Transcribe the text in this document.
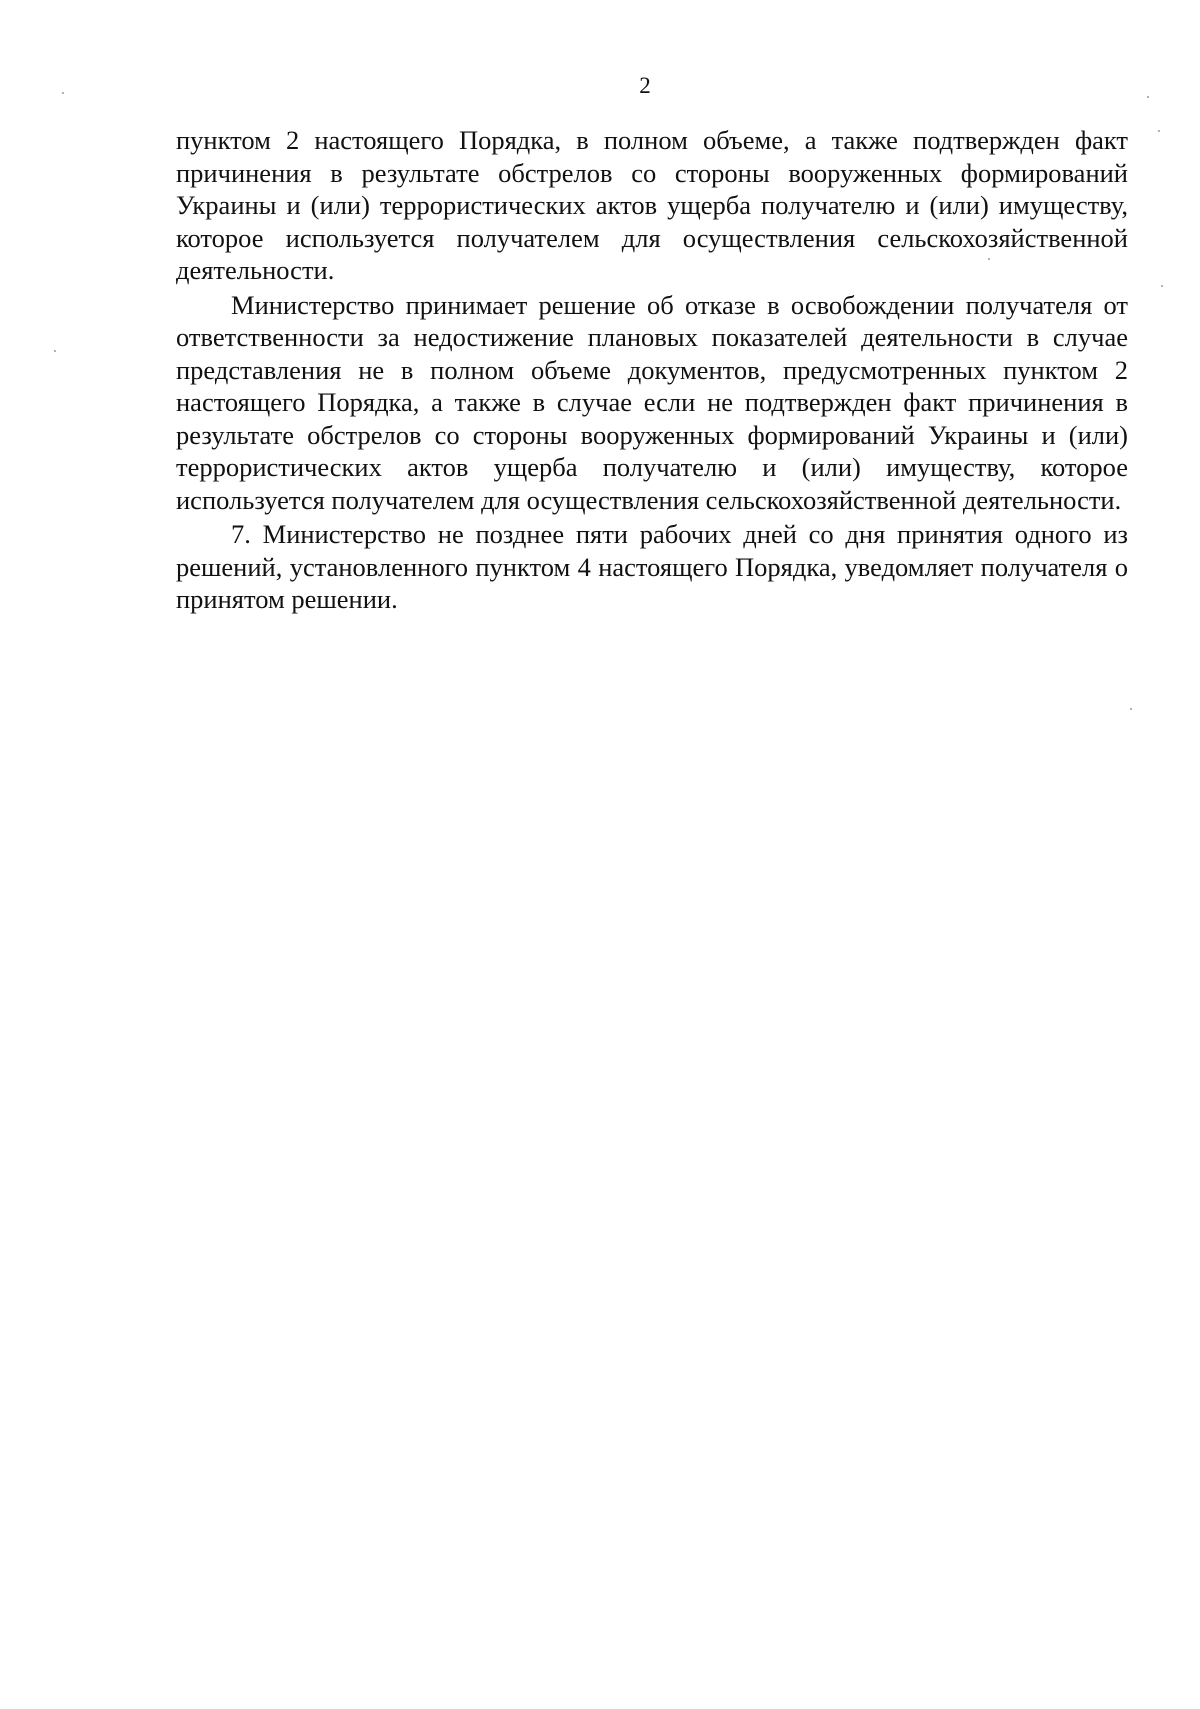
2

пунктом 2 настоящего Порядка, в полном объеме, а также подтвержден факт причинения в результате обстрелов со стороны вооруженных формирований Украины и (или) террористических актов ущерба получателю и (или) имуществу, которое используется получателем для осуществления сельскохозяйственной деятельности.

Министерство принимает решение об отказе в освобождении получателя от ответственности за недостижение плановых показателей деятельности в случае представления не в полном объеме документов, предусмотренных пунктом 2 настоящего Порядка, а также в случае если не подтвержден факт причинения в результате обстрелов со стороны вооруженных формирований Украины и (или) террористических актов ущерба получателю и (или) имуществу, которое используется получателем для осуществления сельскохозяйственной деятельности.

7. Министерство не позднее пяти рабочих дней со дня принятия одного из решений, установленного пунктом 4 настоящего Порядка, уведомляет получателя о принятом решении.
